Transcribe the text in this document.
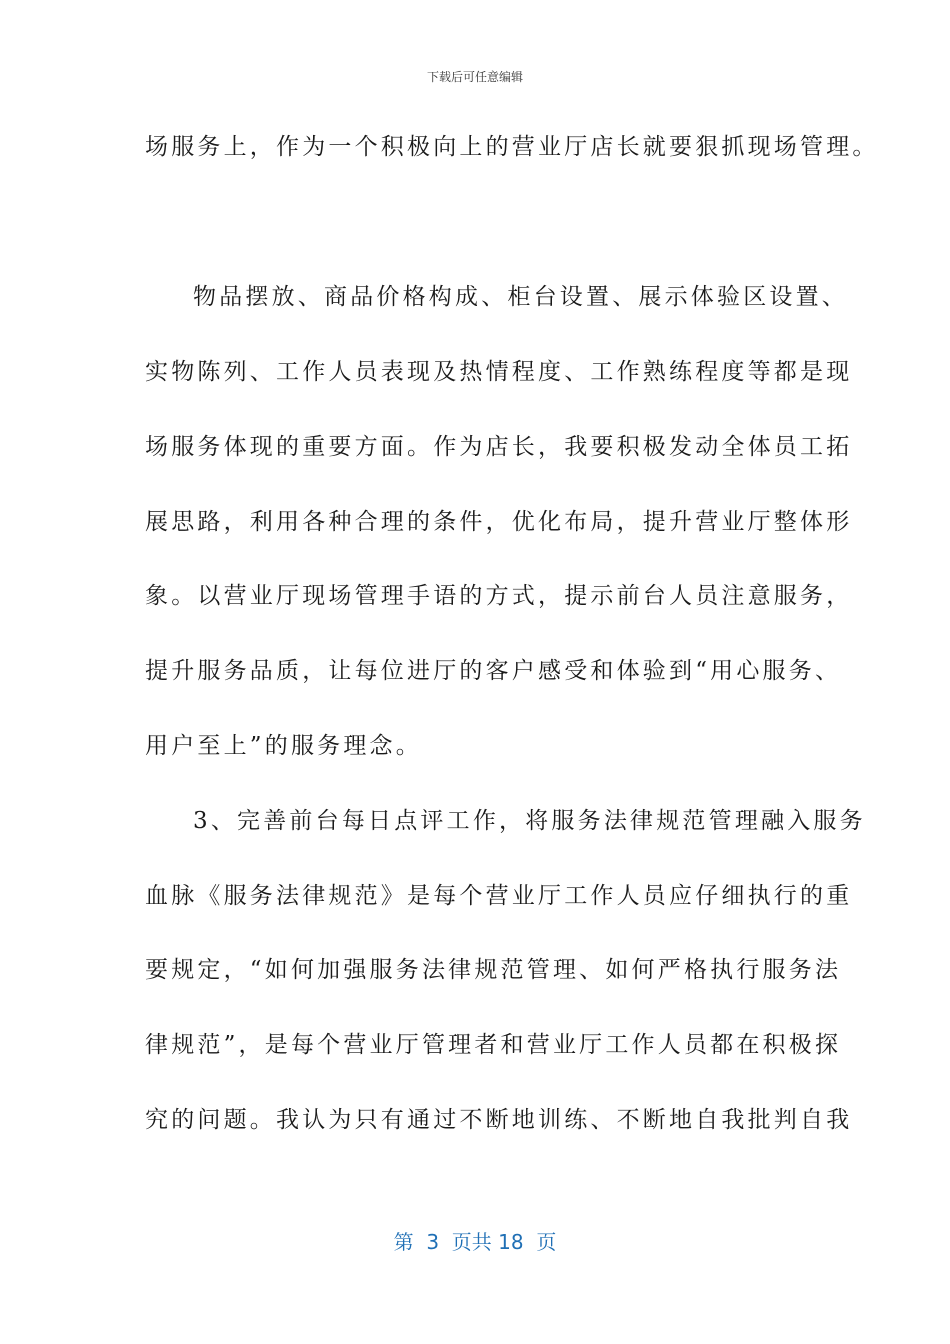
下载后可任意编辑
场服务上，作为一个积极向上的营业厅店长就要狠抓现场管理。
物品摆放、商品价格构成、柜台设置、展示体验区设置、
实物陈列、工作人员表现及热情程度、工作熟练程度等都是现
场服务体现的重要方面。作为店长，我要积极发动全体员工拓
展思路，利用各种合理的条件，优化布局，提升营业厅整体形
象。以营业厅现场管理手语的方式，提示前台人员注意服务，
提升服务品质，让每位进厅的客户感受和体验到“用心服务、
用户至上”的服务理念。
3、完善前台每日点评工作，将服务法律规范管理融入服务
血脉《服务法律规范》是每个营业厅工作人员应仔细执行的重
要规定，“如何加强服务法律规范管理、如何严格执行服务法
律规范”，是每个营业厅管理者和营业厅工作人员都在积极探
究的问题。我认为只有通过不断地训练、不断地自我批判自我
第  3  页共 18  页
